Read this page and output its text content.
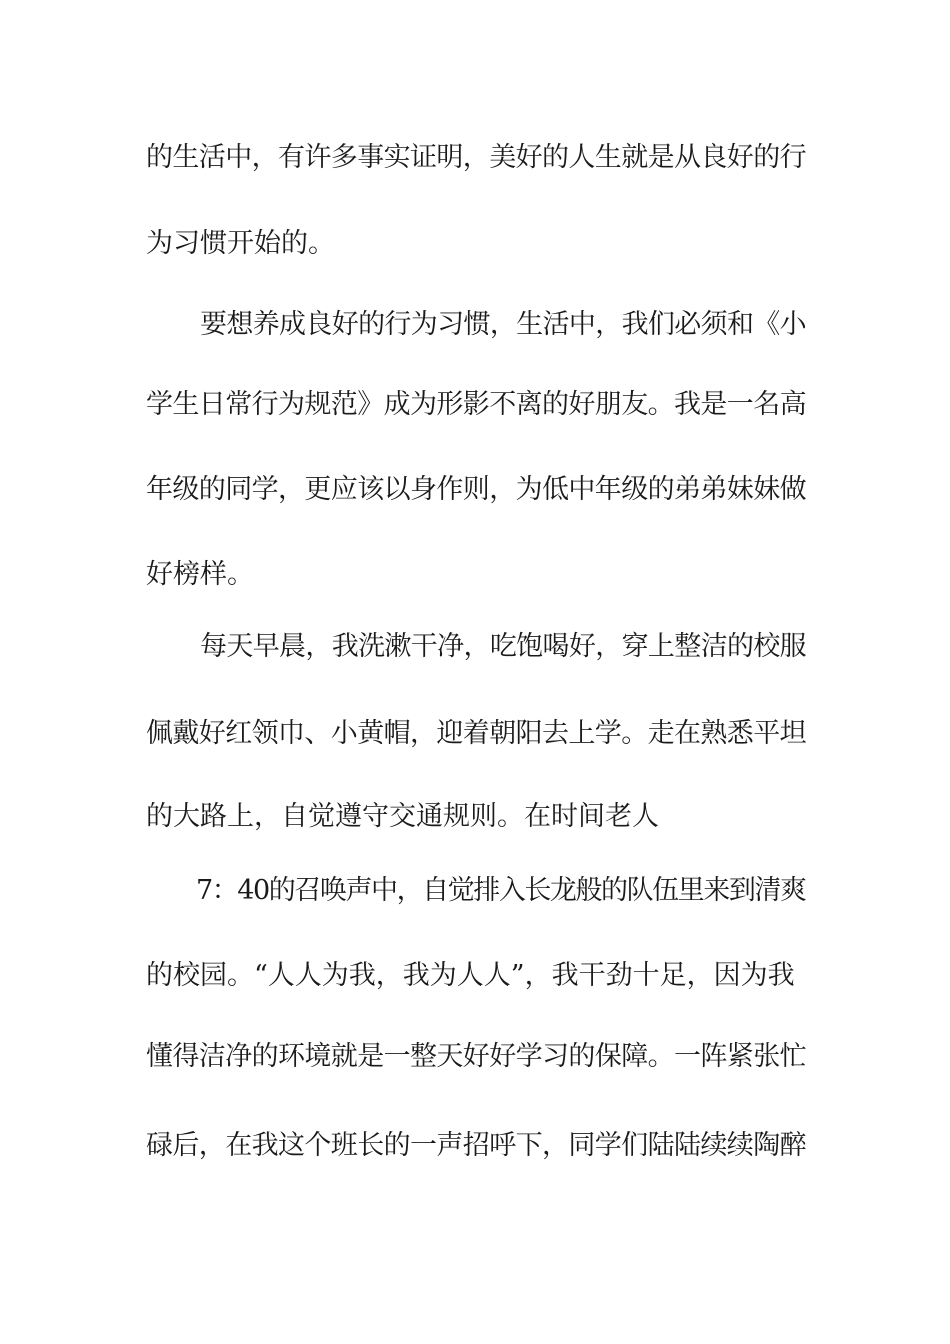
的生活中，有许多事实证明，美好的人生就是从良好的行
为习惯开始的。
要想养成良好的行为习惯，生活中，我们必须和《小
学生日常行为规范》成为形影不离的好朋友。我是一名高
年级的同学，更应该以身作则，为低中年级的弟弟妹妹做
好榜样。
每天早晨，我洗漱干净，吃饱喝好，穿上整洁的校服
佩戴好红领巾、小黄帽，迎着朝阳去上学。走在熟悉平坦
的大路上，自觉遵守交通规则。在时间老人
7：40的召唤声中，自觉排入长龙般的队伍里来到清爽
的校园。“人人为我，我为人人”，我干劲十足，因为我
懂得洁净的环境就是一整天好好学习的保障。一阵紧张忙
碌后，在我这个班长的一声招呼下，同学们陆陆续续陶醉
